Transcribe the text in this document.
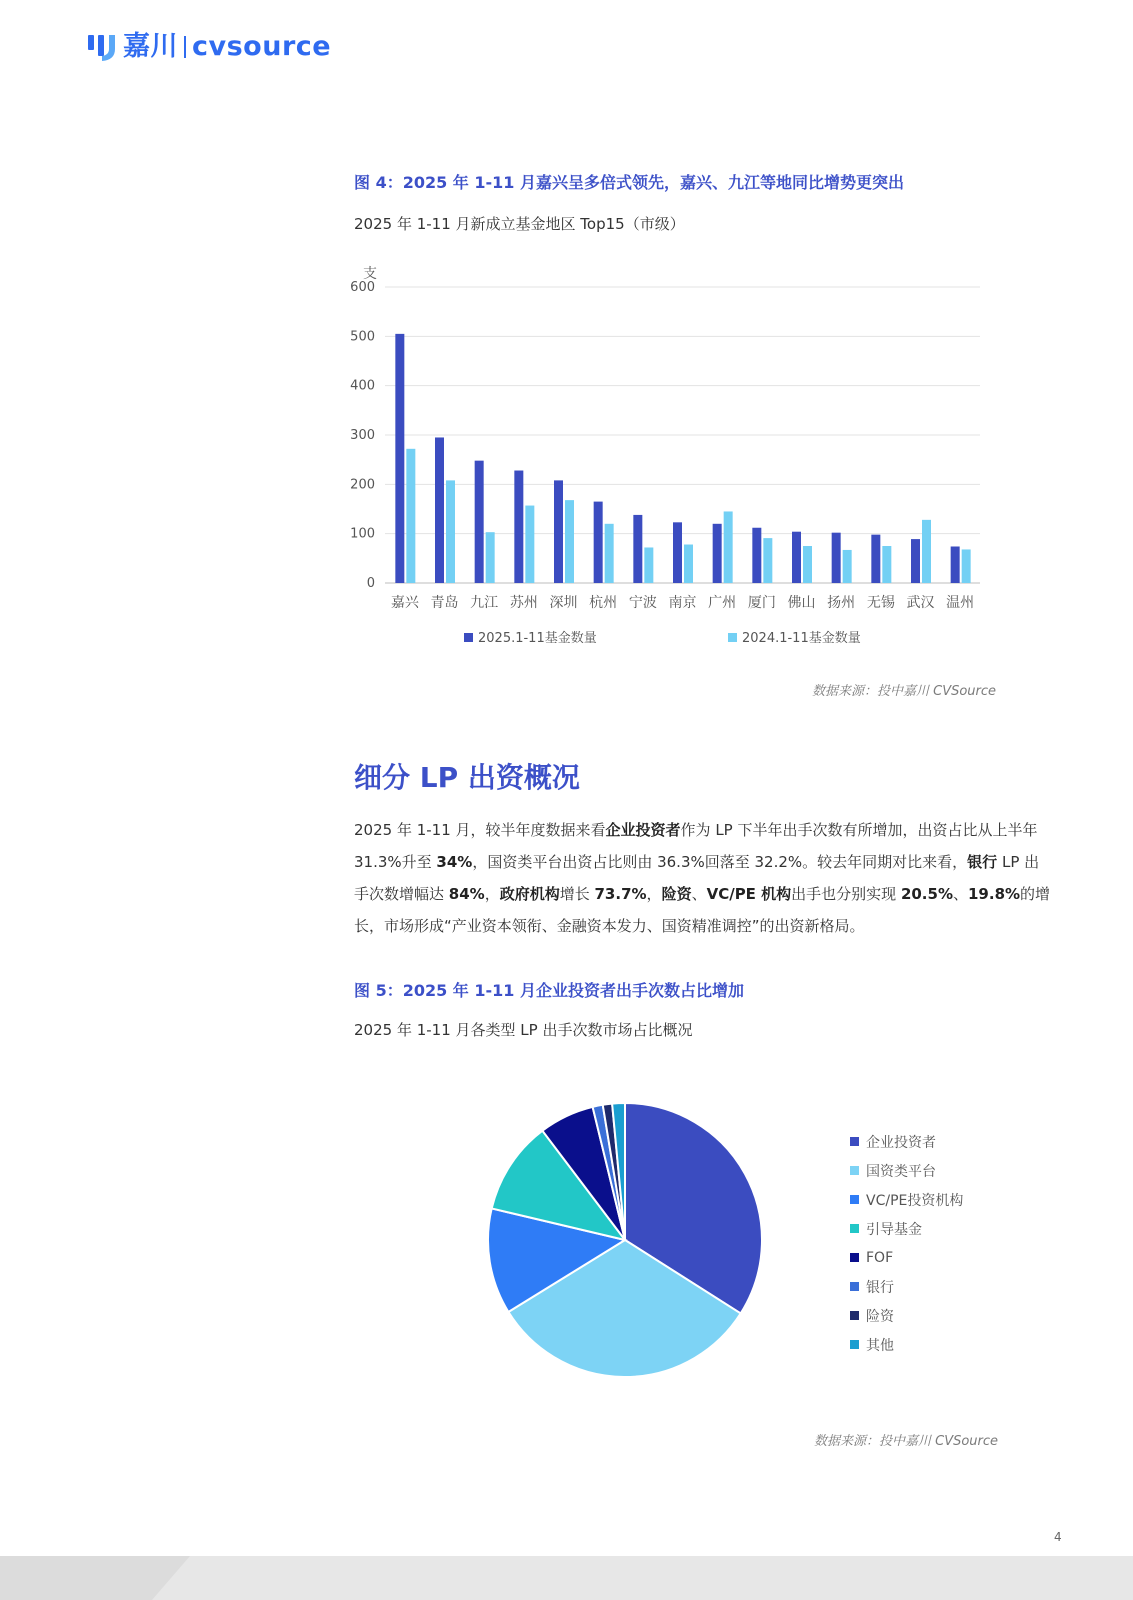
嘉川 cvsource
图 4：2025 年 1-11 月嘉兴呈多倍式领先，嘉兴、九江等地同比增势更突出
2025 年 1-11 月新成立基金地区 Top15（市级）
支
0
100
200
300
400
500
600
嘉兴 青岛 九江 苏州 深圳 杭州 宁波 南京 广州 厦门 佛山 扬州 无锡 武汉 温州
2025.1-11基金数量	2024.1-11基金数量
数据来源：投中嘉川 CVSource
细分 LP 出资概况
2025 年 1-11 月，较半年度数据来看企业投资者作为 LP 下半年出手次数有所增加，出资占比从上半年 31.3%升至 34%，国资类平台出资占比则由 36.3%回落至 32.2%。较去年同期对比来看，银行 LP 出手次数增幅达 84%，政府机构增长 73.7%，险资、VC/PE 机构出手也分别实现 20.5%、19.8%的增长，市场形成“产业资本领衔、金融资本发力、国资精准调控”的出资新格局。
图 5：2025 年 1-11 月企业投资者出手次数占比增加
2025 年 1-11 月各类型 LP 出手次数市场占比概况
企业投资者
国资类平台
VC/PE投资机构
引导基金
FOF
银行
险资
其他
数据来源：投中嘉川 CVSource
4
